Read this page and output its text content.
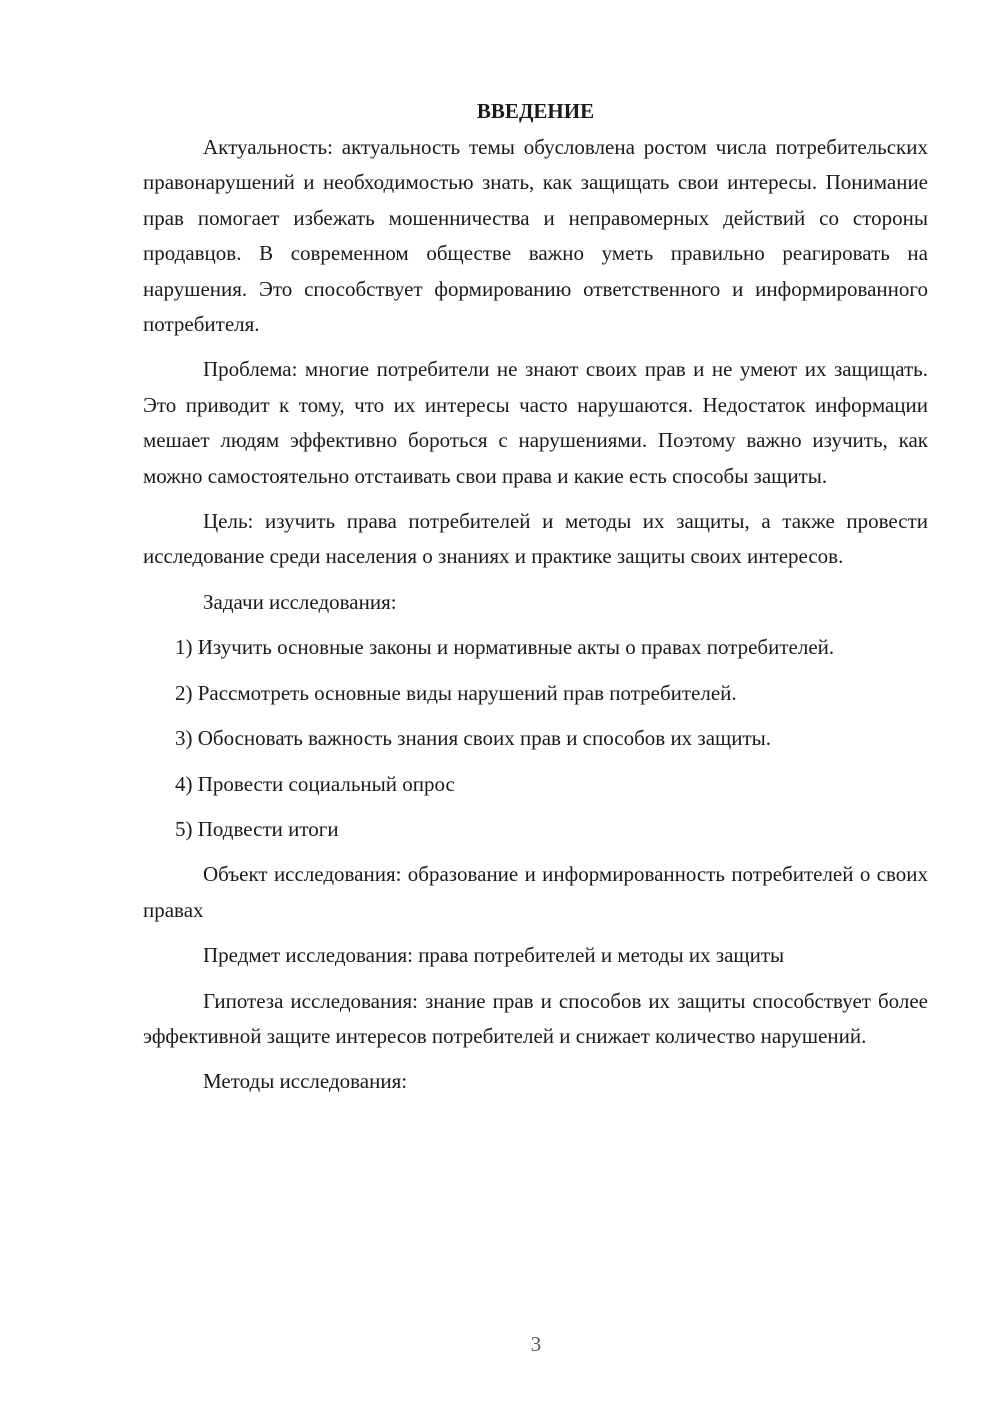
ВВЕДЕНИЕ

Актуальность: актуальность темы обусловлена ростом числа потребительских правонарушений и необходимостью знать, как защищать свои интересы. Понимание прав помогает избежать мошенничества и неправомерных действий со стороны продавцов. В современном обществе важно уметь правильно реагировать на нарушения. Это способствует формированию ответственного и информированного потребителя.

Проблема: многие потребители не знают своих прав и не умеют их защищать. Это приводит к тому, что их интересы часто нарушаются. Недостаток информации мешает людям эффективно бороться с нарушениями. Поэтому важно изучить, как можно самостоятельно отстаивать свои права и какие есть способы защиты.

Цель: изучить права потребителей и методы их защиты, а также провести исследование среди населения о знаниях и практике защиты своих интересов.

Задачи исследования:

1) Изучить основные законы и нормативные акты о правах потребителей.

2) Рассмотреть основные виды нарушений прав потребителей.

3) Обосновать важность знания своих прав и способов их защиты.

4) Провести социальный опрос

5) Подвести итоги

Объект исследования: образование и информированность потребителей о своих правах

Предмет исследования: права потребителей и методы их защиты

Гипотеза исследования: знание прав и способов их защиты способствует более эффективной защите интересов потребителей и снижает количество нарушений.

Методы исследования:

3
